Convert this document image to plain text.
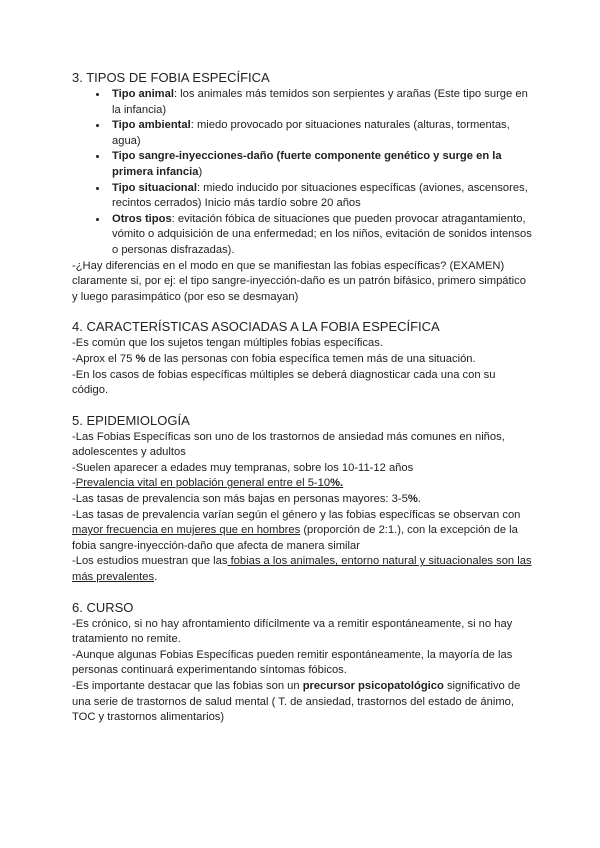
3. TIPOS DE FOBIA ESPECÍFICA
• Tipo animal: los animales más temidos son serpientes y arañas (Este tipo surge en la infancia)
• Tipo ambiental: miedo provocado por situaciones naturales (alturas, tormentas, agua)
• Tipo sangre-inyecciones-daño (fuerte componente genético y surge en la primera infancia)
• Tipo situacional: miedo inducido por situaciones específicas (aviones, ascensores, recintos cerrados) Inicio más tardío sobre 20 años
• Otros tipos: evitación fóbica de situaciones que pueden provocar atragantamiento, vómito o adquisición de una enfermedad; en los niños, evitación de sonidos intensos o personas disfrazadas).

-¿Hay diferencias en el modo en que se manifiestan las fobias específicas? (EXAMEN) claramente si, por ej: el tipo sangre-inyección-daño es un patrón bifásico, primero simpático y luego parasimpático (por eso se desmayan)

4. CARACTERÍSTICAS ASOCIADAS A LA FOBIA ESPECÍFICA

-Es común que los sujetos tengan múltiples fobias específicas.

-Aprox el 75 % de las personas con fobia específica temen más de una situación.

-En los casos de fobias específicas múltiples se deberá diagnosticar cada una con su código.

5. EPIDEMIOLOGÍA

-Las Fobias Específicas son uno de los trastornos de ansiedad más comunes en niños, adolescentes y adultos

-Suelen aparecer a edades muy tempranas, sobre los 10-11-12 años

-Prevalencia vital en población general entre el 5-10%.

-Las tasas de prevalencia son más bajas en personas mayores: 3-5%.

-Las tasas de prevalencia varían según el género y las fobias específicas se observan con mayor frecuencia en mujeres que en hombres (proporción de 2:1.), con la excepción de la fobia sangre-inyección-daño que afecta de manera similar

-Los estudios muestran que las fobias a los animales, entorno natural y situacionales son las más prevalentes.

6. CURSO

-Es crónico, si no hay afrontamiento difícilmente va a remitir espontáneamente, si no hay tratamiento no remite.

-Aunque algunas Fobias Específicas pueden remitir espontáneamente, la mayoría de las personas continuará experimentando síntomas fóbicos.

-Es importante destacar que las fobias son un precursor psicopatológico significativo de una serie de trastornos de salud mental ( T. de ansiedad, trastornos del estado de ánimo, TOC y trastornos alimentarios)
